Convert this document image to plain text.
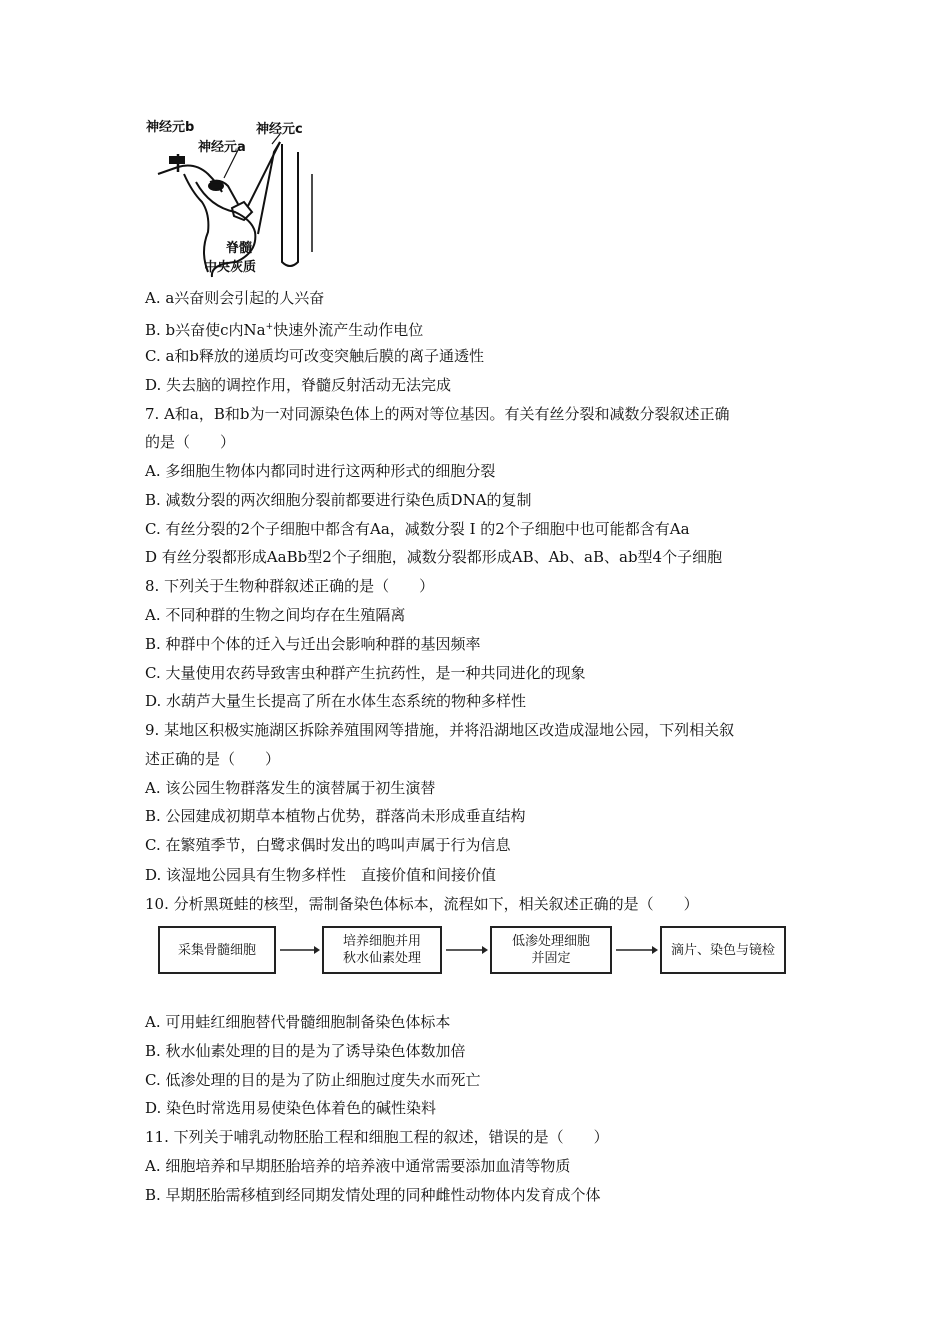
神经元b	神经元c
神经元a
脊髓
中央灰质
A. a兴奋则会引起的人兴奋
B. b兴奋使c内Na+快速外流产生动作电位
C. a和b释放的递质均可改变突触后膜的离子通透性
D. 失去脑的调控作用，脊髓反射活动无法完成
7. A和a，B和b为一对同源染色体上的两对等位基因。有关有丝分裂和减数分裂叙述正确
的是（　　）
A. 多细胞生物体内都同时进行这两种形式的细胞分裂
B. 减数分裂的两次细胞分裂前都要进行染色质DNA的复制
C. 有丝分裂的2个子细胞中都含有Aa，减数分裂 Ⅰ 的2个子细胞中也可能都含有Aa
D 有丝分裂都形成AaBb型2个子细胞，减数分裂都形成AB、Ab、aB、ab型4个子细胞
8. 下列关于生物种群叙述正确的是（　　）
A. 不同种群的生物之间均存在生殖隔离
B. 种群中个体的迁入与迁出会影响种群的基因频率
C. 大量使用农药导致害虫种群产生抗药性，是一种共同进化的现象
D. 水葫芦大量生长提高了所在水体生态系统的物种多样性
9. 某地区积极实施湖区拆除养殖围网等措施，并将沿湖地区改造成湿地公园，下列相关叙
述正确的是（　　）
A. 该公园生物群落发生的演替属于初生演替
B. 公园建成初期草本植物占优势，群落尚未形成垂直结构
C. 在繁殖季节，白鹭求偶时发出的鸣叫声属于行为信息
D. 该湿地公园具有生物多样性　直接价值和间接价值
10. 分析黑斑蛙的核型，需制备染色体标本，流程如下，相关叙述正确的是（　　）
采集骨髓细胞
培养细胞并用
秋水仙素处理
低渗处理细胞
并固定
滴片、染色与镜检
A. 可用蛙红细胞替代骨髓细胞制备染色体标本
B. 秋水仙素处理的目的是为了诱导染色体数加倍
C. 低渗处理的目的是为了防止细胞过度失水而死亡
D. 染色时常选用易使染色体着色的碱性染料
11. 下列关于哺乳动物胚胎工程和细胞工程的叙述，错误的是（　　）
A. 细胞培养和早期胚胎培养的培养液中通常需要添加血清等物质
B. 早期胚胎需移植到经同期发情处理的同种雌性动物体内发育成个体
